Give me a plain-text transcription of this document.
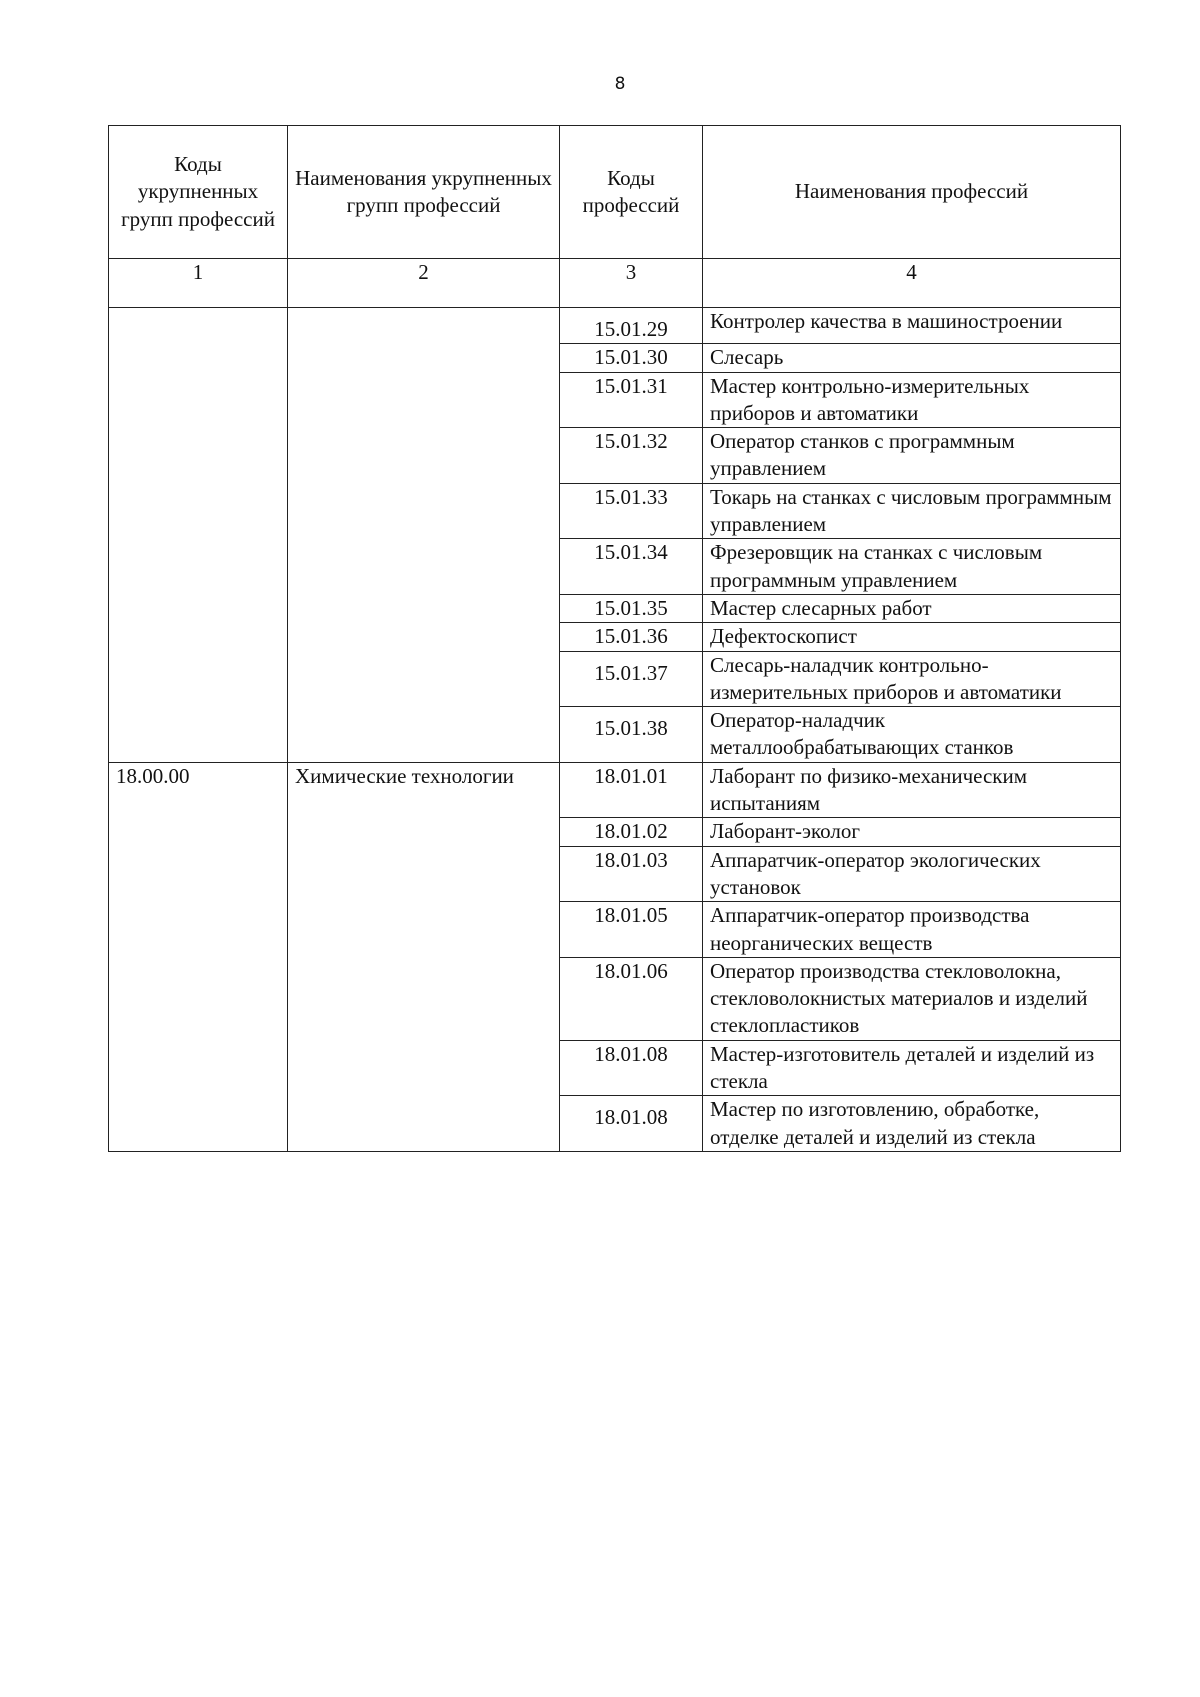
8
Коды укрупненных групп профессий	Наименования укрупненных групп профессий	Коды профессий	Наименования профессий
1	2	3	4
		15.01.29	Контролер качества в машиностроении
		15.01.30	Слесарь
		15.01.31	Мастер контрольно-измерительных приборов и автоматики
		15.01.32	Оператор станков с программным управлением
		15.01.33	Токарь на станках с числовым программным управлением
		15.01.34	Фрезеровщик на станках с числовым программным управлением
		15.01.35	Мастер слесарных работ
		15.01.36	Дефектоскопист
		15.01.37	Слесарь-наладчик контрольно-измерительных приборов и автоматики
		15.01.38	Оператор-наладчик металлообрабатывающих станков
18.00.00	Химические технологии	18.01.01	Лаборант по физико-механическим испытаниям
		18.01.02	Лаборант-эколог
		18.01.03	Аппаратчик-оператор экологических установок
		18.01.05	Аппаратчик-оператор производства неорганических веществ
		18.01.06	Оператор производства стекловолокна, стекловолокнистых материалов и изделий стеклопластиков
		18.01.08	Мастер-изготовитель деталей и изделий из стекла
		18.01.08	Мастер по изготовлению, обработке, отделке деталей и изделий из стекла
